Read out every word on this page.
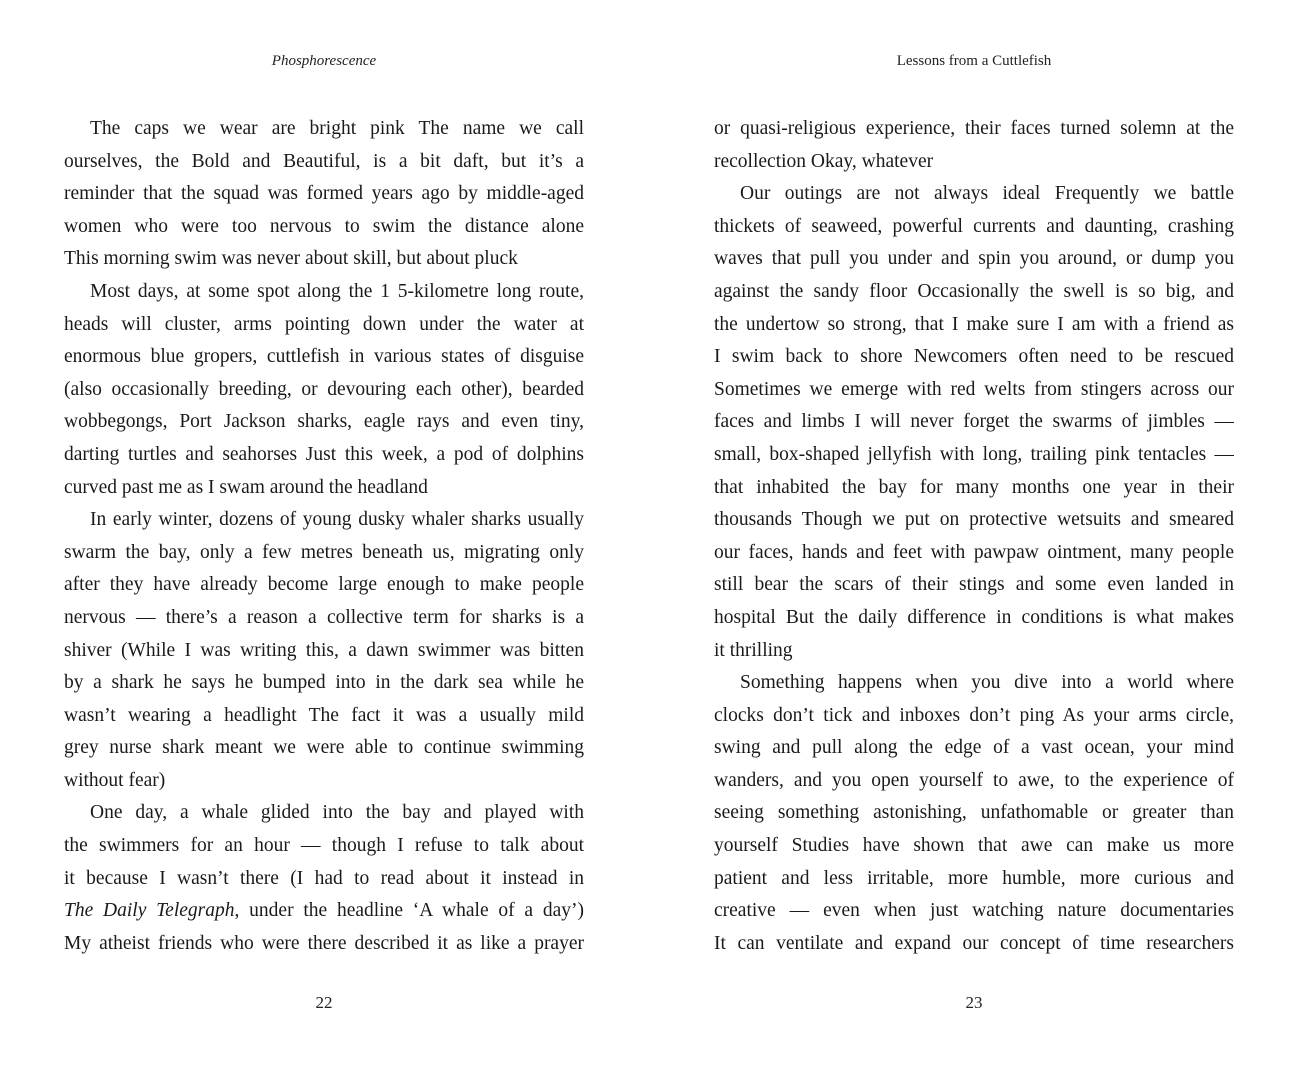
Phosphorescence
The caps we wear are bright pink The name we call
ourselves, the Bold and Beautiful, is a bit daft, but it’s a
reminder that the squad was formed years ago by middle-aged
women who were too nervous to swim the distance alone
This morning swim was never about skill, but about pluck
Most days, at some spot along the 1 5-kilometre long route,
heads will cluster, arms pointing down under the water at
enormous blue gropers, cuttlefish in various states of disguise
(also occasionally breeding, or devouring each other), bearded
wobbegongs, Port Jackson sharks, eagle rays and even tiny,
darting turtles and seahorses Just this week, a pod of dolphins
curved past me as I swam around the headland
In early winter, dozens of young dusky whaler sharks usually
swarm the bay, only a few metres beneath us, migrating only
after they have already become large enough to make people
nervous — there’s a reason a collective term for sharks is a
shiver (While I was writing this, a dawn swimmer was bitten
by a shark he says he bumped into in the dark sea while he
wasn’t wearing a headlight The fact it was a usually mild
grey nurse shark meant we were able to continue swimming
without fear)
One day, a whale glided into the bay and played with
the swimmers for an hour — though I refuse to talk about
it because I wasn’t there (I had to read about it instead in
The Daily Telegraph, under the headline ‘A whale of a day’)
My atheist friends who were there described it as like a prayer
22
Lessons from a Cuttlefish
or quasi-religious experience, their faces turned solemn at the
recollection Okay, whatever
Our outings are not always ideal Frequently we battle
thickets of seaweed, powerful currents and daunting, crashing
waves that pull you under and spin you around, or dump you
against the sandy floor Occasionally the swell is so big, and
the undertow so strong, that I make sure I am with a friend as
I swim back to shore Newcomers often need to be rescued
Sometimes we emerge with red welts from stingers across our
faces and limbs I will never forget the swarms of jimbles —
small, box-shaped jellyfish with long, trailing pink tentacles —
that inhabited the bay for many months one year in their
thousands Though we put on protective wetsuits and smeared
our faces, hands and feet with pawpaw ointment, many people
still bear the scars of their stings and some even landed in
hospital But the daily difference in conditions is what makes
it thrilling
Something happens when you dive into a world where
clocks don’t tick and inboxes don’t ping As your arms circle,
swing and pull along the edge of a vast ocean, your mind
wanders, and you open yourself to awe, to the experience of
seeing something astonishing, unfathomable or greater than
yourself Studies have shown that awe can make us more
patient and less irritable, more humble, more curious and
creative — even when just watching nature documentaries
It can ventilate and expand our concept of time researchers
23
